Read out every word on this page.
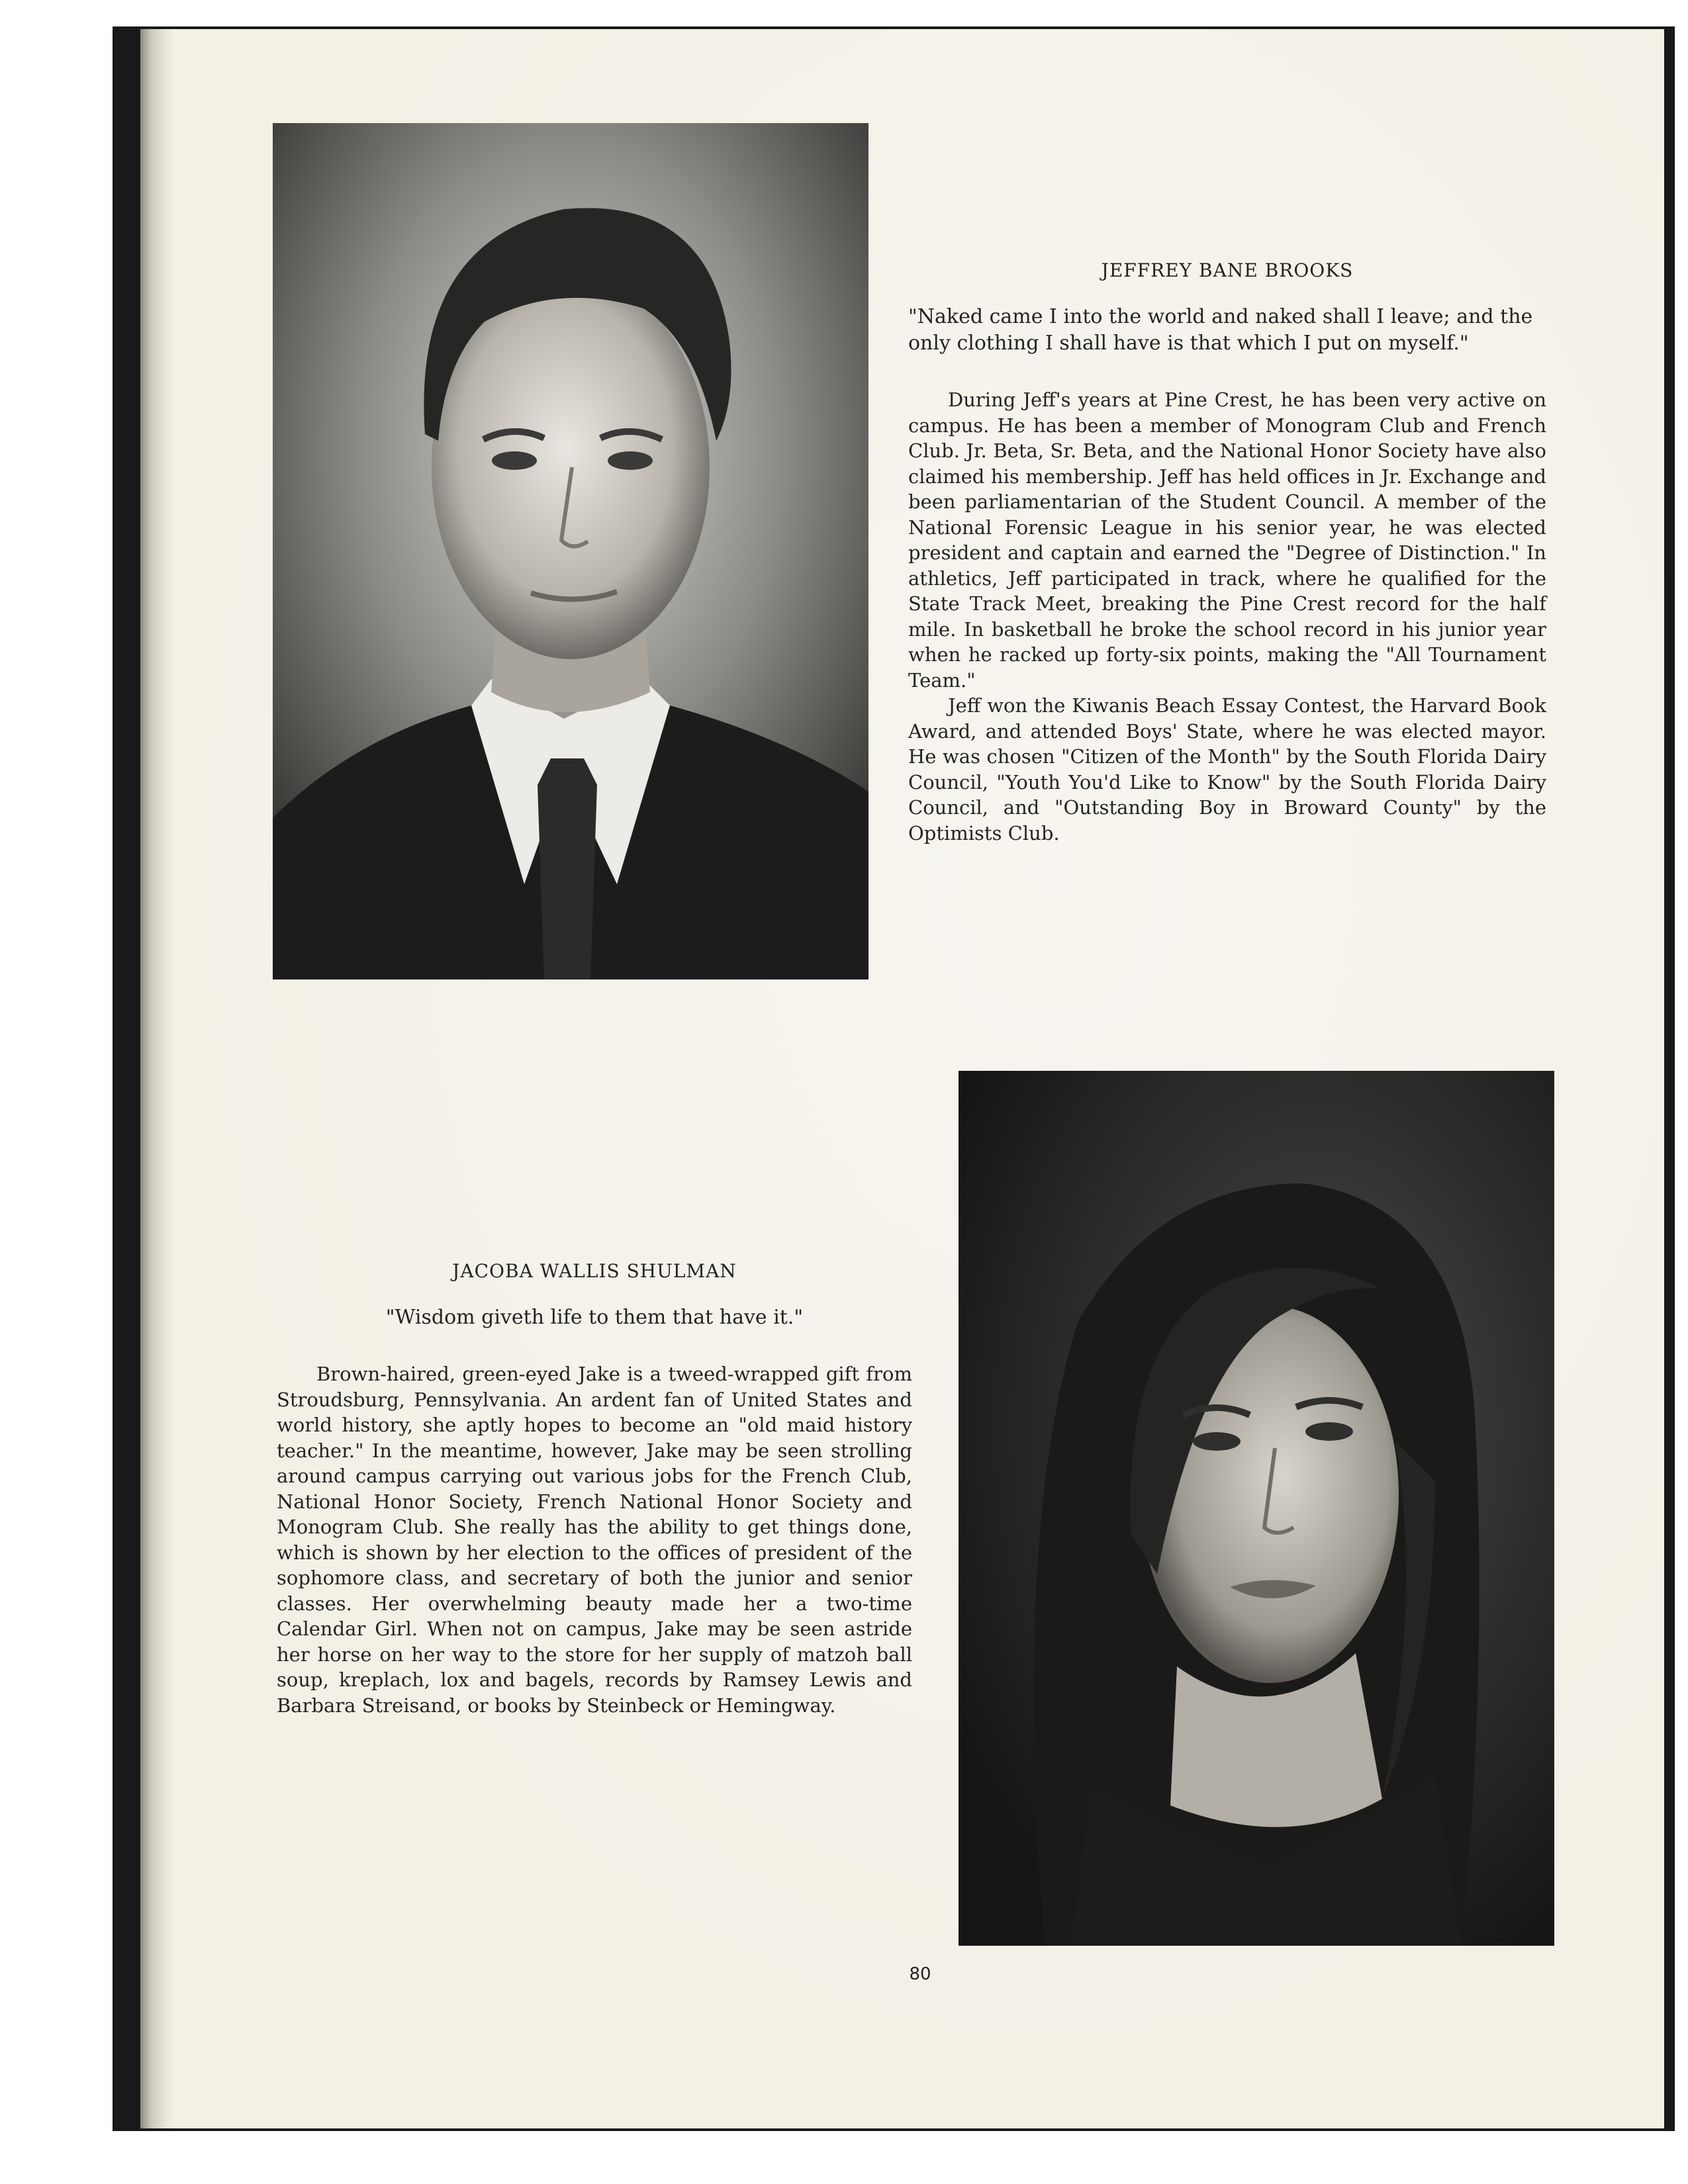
JEFFREY BANE BROOKS

"Naked came I into the world and naked shall I leave; and the only clothing I shall have is that which I put on myself."

During Jeff's years at Pine Crest, he has been very active on campus. He has been a member of Monogram Club and French Club. Jr. Beta, Sr. Beta, and the National Honor Society have also claimed his membership. Jeff has held offices in Jr. Exchange and been parliamentarian of the Student Council. A member of the National Forensic League in his senior year, he was elected president and captain and earned the "Degree of Distinction." In athletics, Jeff participated in track, where he qualified for the State Track Meet, breaking the Pine Crest record for the half mile. In basketball he broke the school record in his junior year when he racked up forty-six points, making the "All Tournament Team."

Jeff won the Kiwanis Beach Essay Contest, the Harvard Book Award, and attended Boys' State, where he was elected mayor. He was chosen "Citizen of the Month" by the South Florida Dairy Council, "Youth You'd Like to Know" by the South Florida Dairy Council, and "Outstanding Boy in Broward County" by the Optimists Club.

JACOBA WALLIS SHULMAN

"Wisdom giveth life to them that have it."

Brown-haired, green-eyed Jake is a tweed-wrapped gift from Stroudsburg, Pennsylvania. An ardent fan of United States and world history, she aptly hopes to become an "old maid history teacher." In the meantime, however, Jake may be seen strolling around campus carrying out various jobs for the French Club, National Honor Society, French National Honor Society and Monogram Club. She really has the ability to get things done, which is shown by her election to the offices of president of the sophomore class, and secretary of both the junior and senior classes. Her overwhelming beauty made her a two-time Calendar Girl. When not on campus, Jake may be seen astride her horse on her way to the store for her supply of matzoh ball soup, kreplach, lox and bagels, records by Ramsey Lewis and Barbara Streisand, or books by Steinbeck or Hemingway.

80
